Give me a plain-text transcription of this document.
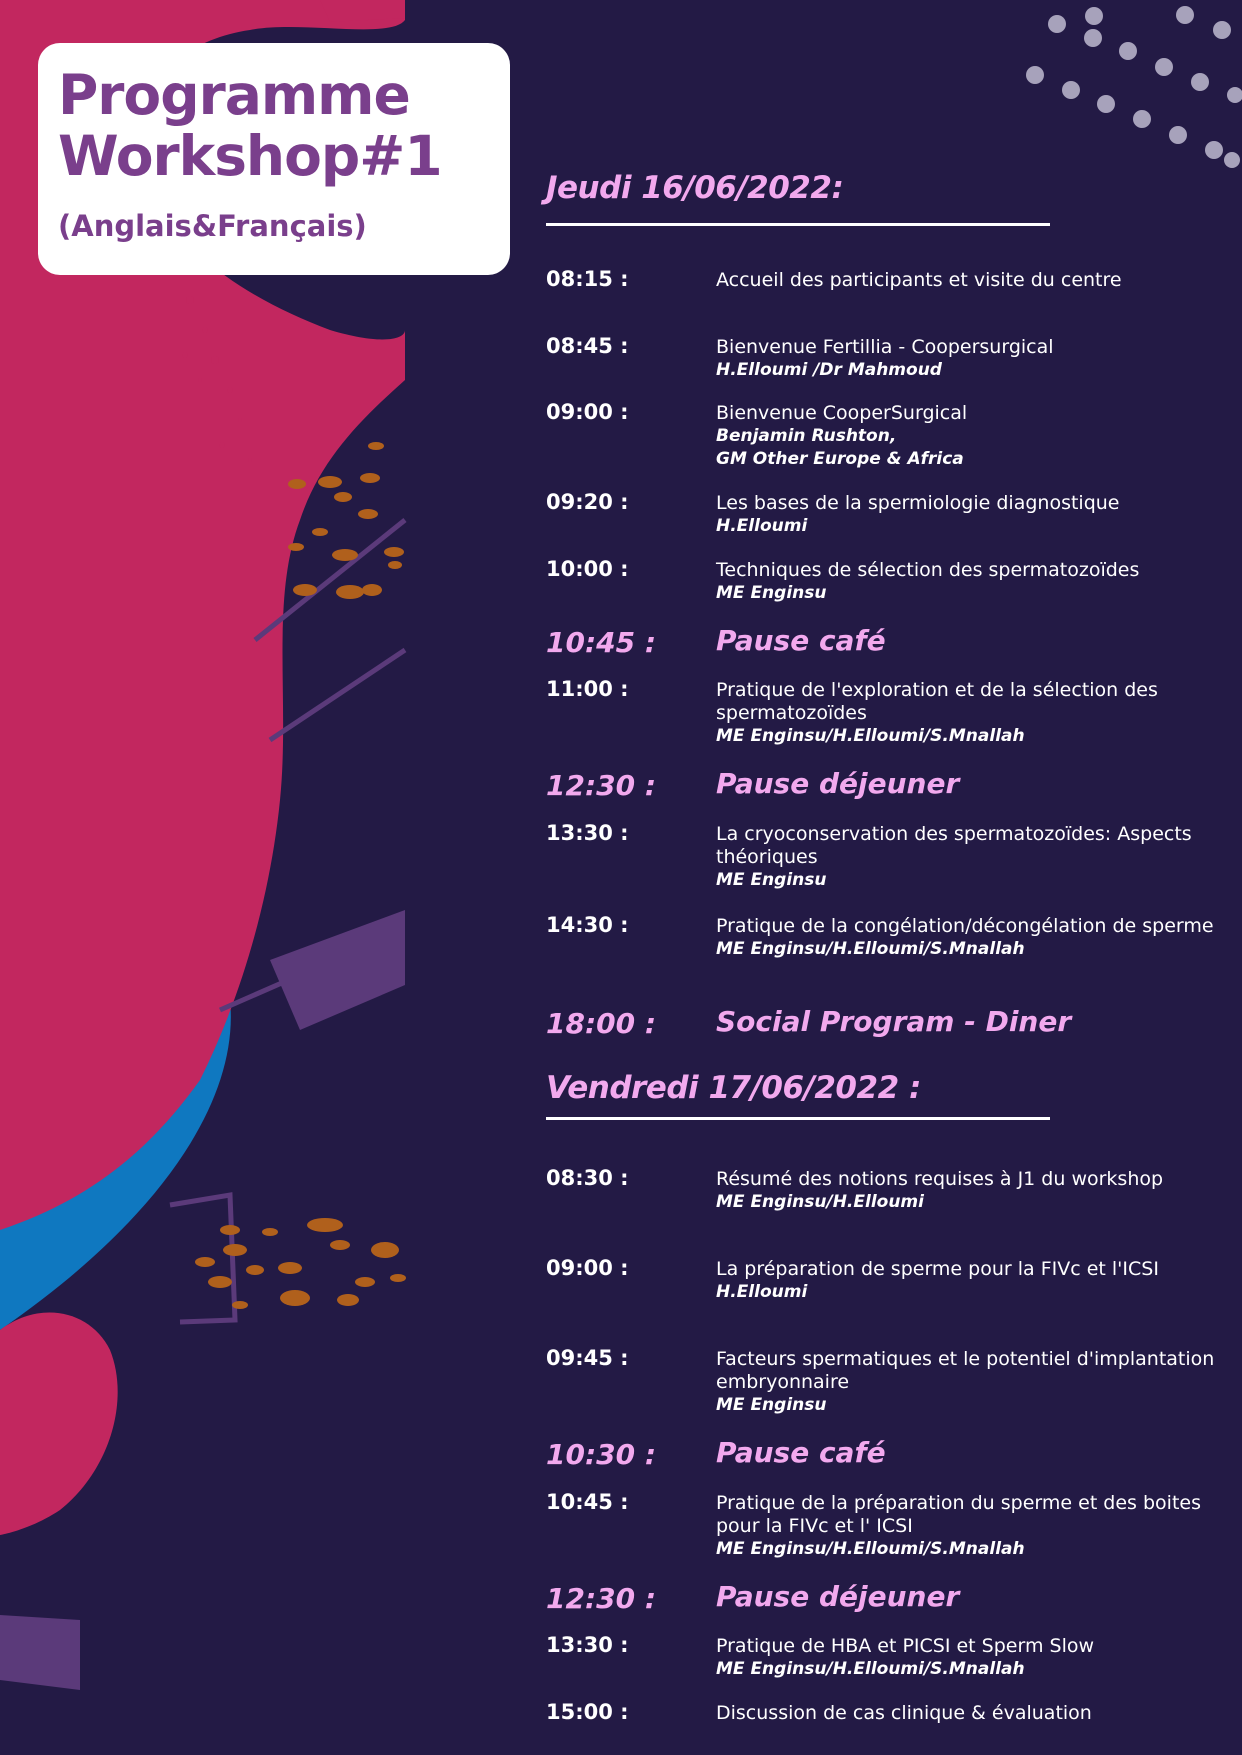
Programme
Workshop#1
(Anglais&Français)
Jeudi 16/06/2022:
08:15 :	Accueil des participants et visite du centre
08:45 :	Bienvenue Fertillia - Coopersurgical
H.Elloumi /Dr Mahmoud
09:00 :	Bienvenue CooperSurgical
Benjamin Rushton,
GM Other Europe & Africa
09:20 :	Les bases de la spermiologie diagnostique
H.Elloumi
10:00 :	Techniques de sélection des spermatozoïdes
ME Enginsu
10:45 : Pause café
11:00 :	Pratique de l'exploration et de la sélection des spermatozoïdes
ME Enginsu/H.Elloumi/S.Mnallah
12:30 : Pause déjeuner
13:30 :	La cryoconservation des spermatozoïdes: Aspects théoriques
ME Enginsu
14:30 :	Pratique de la congélation/décongélation de sperme
ME Enginsu/H.Elloumi/S.Mnallah
18:00 : Social Program - Diner
Vendredi 17/06/2022 :
08:30 :	Résumé des notions requises à J1 du workshop
ME Enginsu/H.Elloumi
09:00 :	La préparation de sperme pour la FIVc et l'ICSI
H.Elloumi
09:45 :	Facteurs spermatiques et le potentiel d'implantation embryonnaire
ME Enginsu
10:30 : Pause café
10:45 :	Pratique de la préparation du sperme et des boites pour la FIVc et l' ICSI
ME Enginsu/H.Elloumi/S.Mnallah
12:30 : Pause déjeuner
13:30 :	Pratique de HBA et PICSI et Sperm Slow
ME Enginsu/H.Elloumi/S.Mnallah
15:00 :	Discussion de cas clinique & évaluation
